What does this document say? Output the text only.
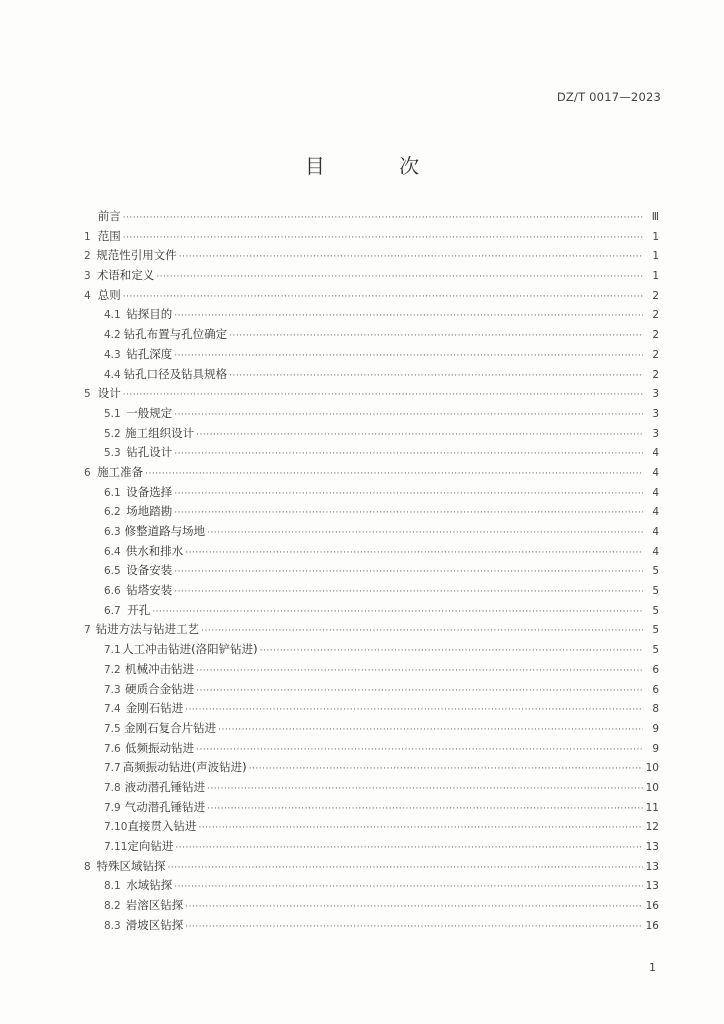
DZ/T 0017—2023
目 次
前言 ·····	Ⅲ
1 范围 ·····	1
2 规范性引用文件 ·····	1
3 术语和定义 ·····	1
4 总则 ·····	2
4.1 钻探目的 ·····	2
4.2 钻孔布置与孔位确定 ·····	2
4.3 钻孔深度 ·····	2
4.4 钻孔口径及钻具规格 ·····	2
5 设计 ·····	3
5.1 一般规定 ·····	3
5.2 施工组织设计 ·····	3
5.3 钻孔设计 ·····	4
6 施工准备 ·····	4
6.1 设备选择 ·····	4
6.2 场地踏勘 ·····	4
6.3 修整道路与场地 ·····	4
6.4 供水和排水 ·····	4
6.5 设备安装 ·····	5
6.6 钻塔安装 ·····	5
6.7 开孔 ·····	5
7 钻进方法与钻进工艺 ·····	5
7.1 人工冲击钻进(洛阳铲钻进) ·····	5
7.2 机械冲击钻进 ·····	6
7.3 硬质合金钻进 ·····	6
7.4 金刚石钻进 ·····	8
7.5 金刚石复合片钻进 ·····	9
7.6 低频振动钻进 ·····	9
7.7 高频振动钻进(声波钻进) ·····	10
7.8 液动潜孔锤钻进 ·····	10
7.9 气动潜孔锤钻进 ·····	11
7.10 直接贯入钻进 ·····	12
7.11 定向钻进 ·····	13
8 特殊区域钻探 ·····	13
8.1 水域钻探 ·····	13
8.2 岩溶区钻探 ·····	16
8.3 滑坡区钻探 ·····	16
1
